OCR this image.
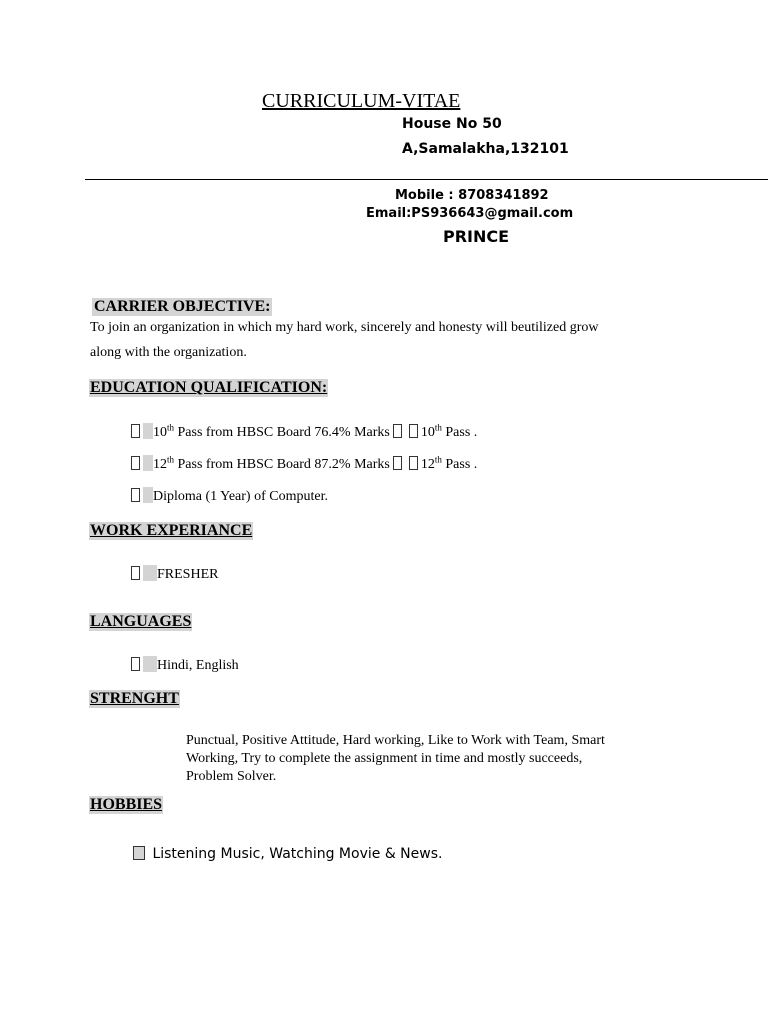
CURRICULUM-VITAE
House No 50
A,Samalakha,132101
Mobile : 8708341892
Email:PS936643@gmail.com
PRINCE
CARRIER OBJECTIVE:
To join an organization in which my hard work, sincerely and honesty will beutilized grow
along with the organization.
EDUCATION QUALIFICATION:
10th Pass from HBSC Board 76.4% Marks  10th Pass .
12th Pass from HBSC Board 87.2% Marks  12th Pass .
Diploma (1 Year) of Computer.
WORK EXPERIANCE
FRESHER
LANGUAGES
Hindi, English
STRENGHT
Punctual, Positive Attitude, Hard working, Like to Work with Team, Smart
Working, Try to complete the assignment in time and mostly succeeds,
Problem Solver.
HOBBIES
Listening Music, Watching Movie & News.
